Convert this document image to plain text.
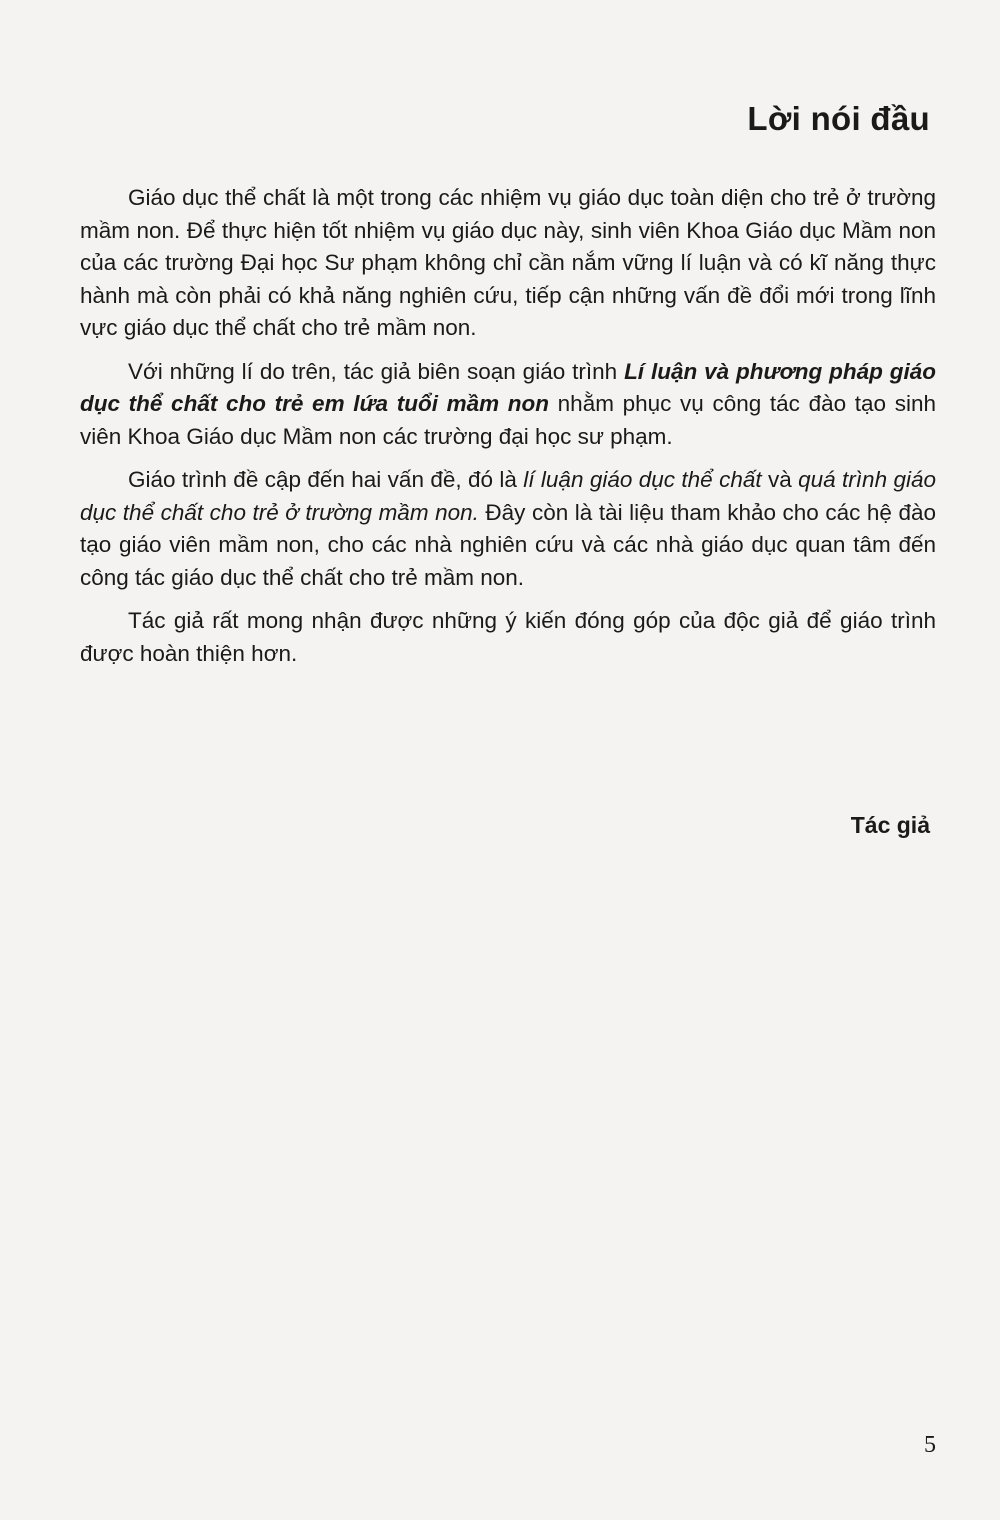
Lời nói đầu

Giáo dục thể chất là một trong các nhiệm vụ giáo dục toàn diện cho trẻ ở trường mầm non. Để thực hiện tốt nhiệm vụ giáo dục này, sinh viên Khoa Giáo dục Mầm non của các trường Đại học Sư phạm không chỉ cần nắm vững lí luận và có kĩ năng thực hành mà còn phải có khả năng nghiên cứu, tiếp cận những vấn đề đổi mới trong lĩnh vực giáo dục thể chất cho trẻ mầm non.

Với những lí do trên, tác giả biên soạn giáo trình Lí luận và phương pháp giáo dục thể chất cho trẻ em lứa tuổi mầm non nhằm phục vụ công tác đào tạo sinh viên Khoa Giáo dục Mầm non các trường đại học sư phạm.

Giáo trình đề cập đến hai vấn đề, đó là lí luận giáo dục thể chất và quá trình giáo dục thể chất cho trẻ ở trường mầm non. Đây còn là tài liệu tham khảo cho các hệ đào tạo giáo viên mầm non, cho các nhà nghiên cứu và các nhà giáo dục quan tâm đến công tác giáo dục thể chất cho trẻ mầm non.

Tác giả rất mong nhận được những ý kiến đóng góp của độc giả để giáo trình được hoàn thiện hơn.

Tác giả

5
